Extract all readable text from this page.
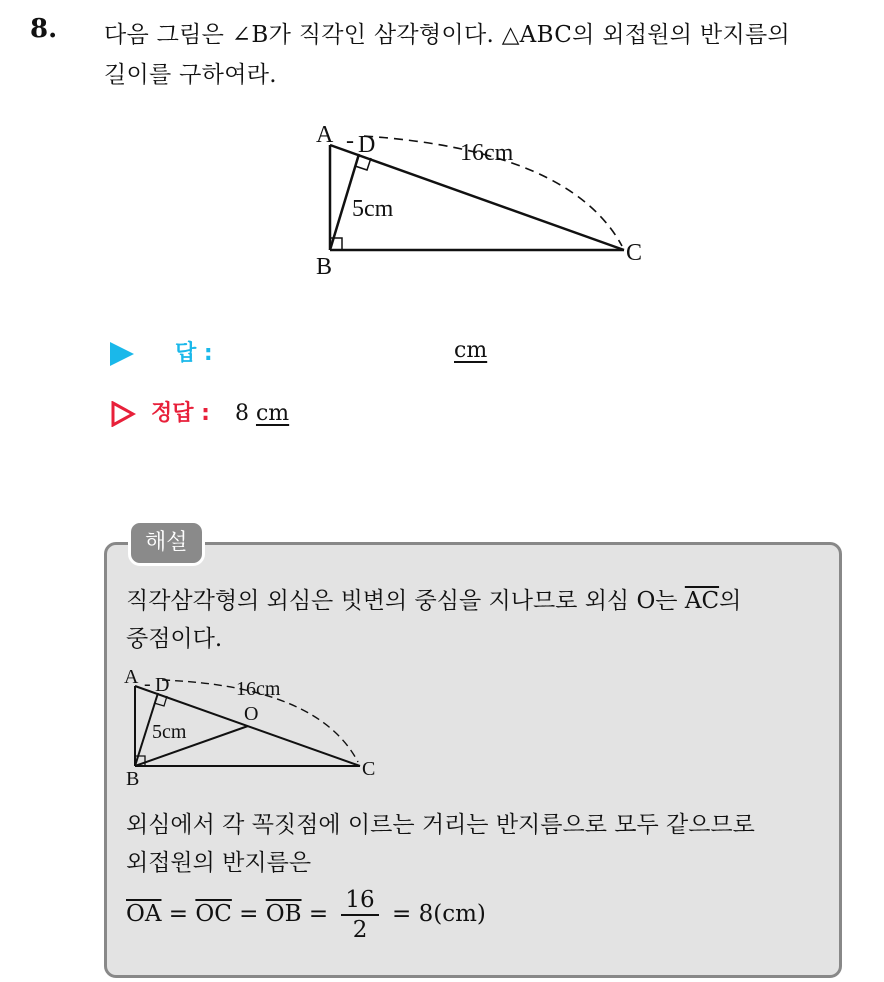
8. 다음 그림은 ∠B가 직각인 삼각형이다. △ABC의 외접원의 반지름의
길이를 구하여라.
A - D
B
C
16cm
5cm
답 :	cm
정답 : 8 cm
해설
직각삼각형의 외심은 빗변의 중심을 지나므로 외심 O는 $\overline{AC}$의
중점이다.
A - D
B	C
O
16cm
5cm
외심에서 각 꼭짓점에 이르는 거리는 반지름으로 모두 같으므로
외접원의 반지름은
$\overline{OA} = \overline{OC} = \overline{OB} = \frac{16}{2} = 8(cm)$
